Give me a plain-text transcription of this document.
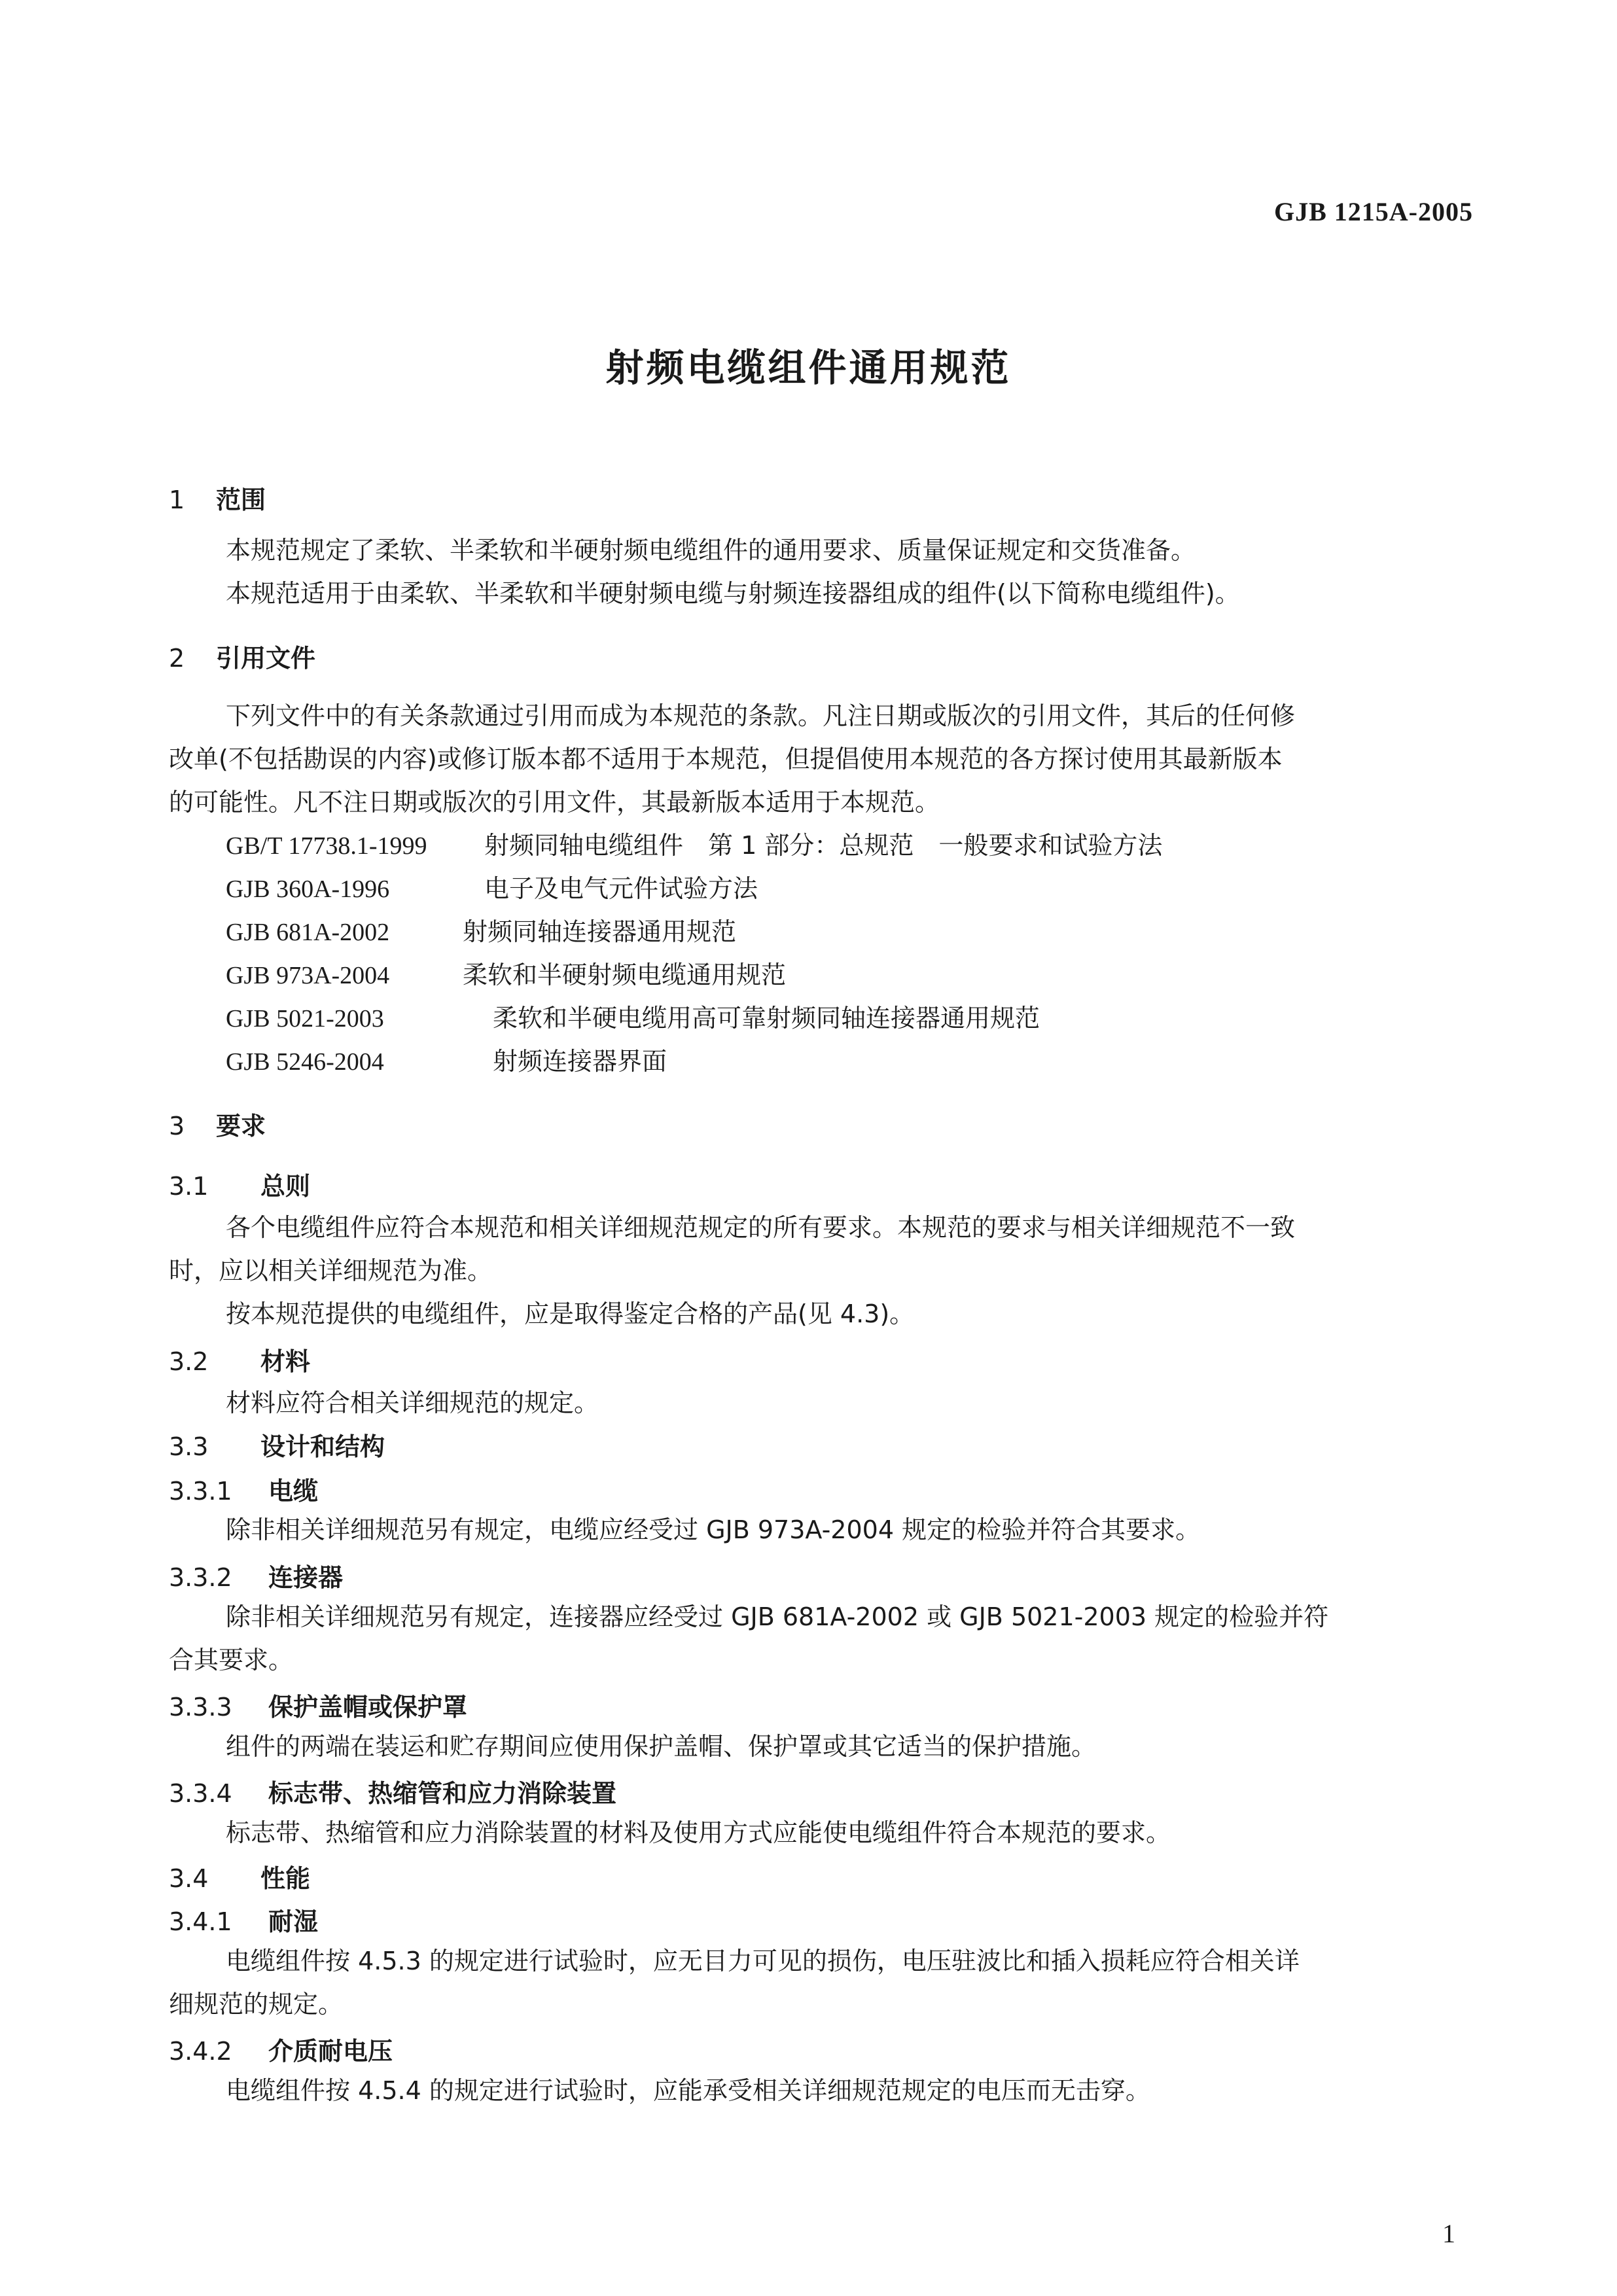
GJB 1215A-2005
射频电缆组件通用规范
1 范围
本规范规定了柔软、半柔软和半硬射频电缆组件的通用要求、质量保证规定和交货准备。
本规范适用于由柔软、半柔软和半硬射频电缆与射频连接器组成的组件(以下简称电缆组件)。
2 引用文件
下列文件中的有关条款通过引用而成为本规范的条款。凡注日期或版次的引用文件，其后的任何修
改单(不包括勘误的内容)或修订版本都不适用于本规范，但提倡使用本规范的各方探讨使用其最新版本
的可能性。凡不注日期或版次的引用文件，其最新版本适用于本规范。
GB/T 17738.1-1999 射频同轴电缆组件　第 1 部分：总规范　一般要求和试验方法
GJB 360A-1996	电子及电气元件试验方法
GJB 681A-2002	射频同轴连接器通用规范
GJB 973A-2004	柔软和半硬射频电缆通用规范
GJB 5021-2003	柔软和半硬电缆用高可靠射频同轴连接器通用规范
GJB 5246-2004	射频连接器界面
3 要求
3.1 总则
各个电缆组件应符合本规范和相关详细规范规定的所有要求。本规范的要求与相关详细规范不一致
时，应以相关详细规范为准。
按本规范提供的电缆组件，应是取得鉴定合格的产品(见 4.3)。
3.2 材料
材料应符合相关详细规范的规定。
3.3 设计和结构
3.3.1 电缆
除非相关详细规范另有规定，电缆应经受过 GJB 973A-2004 规定的检验并符合其要求。
3.3.2 连接器
除非相关详细规范另有规定，连接器应经受过 GJB 681A-2002 或 GJB 5021-2003 规定的检验并符
合其要求。
3.3.3 保护盖帽或保护罩
组件的两端在装运和贮存期间应使用保护盖帽、保护罩或其它适当的保护措施。
3.3.4 标志带、热缩管和应力消除装置
标志带、热缩管和应力消除装置的材料及使用方式应能使电缆组件符合本规范的要求。
3.4 性能
3.4.1 耐湿
电缆组件按 4.5.3 的规定进行试验时，应无目力可见的损伤，电压驻波比和插入损耗应符合相关详
细规范的规定。
3.4.2 介质耐电压
电缆组件按 4.5.4 的规定进行试验时，应能承受相关详细规范规定的电压而无击穿。
1
